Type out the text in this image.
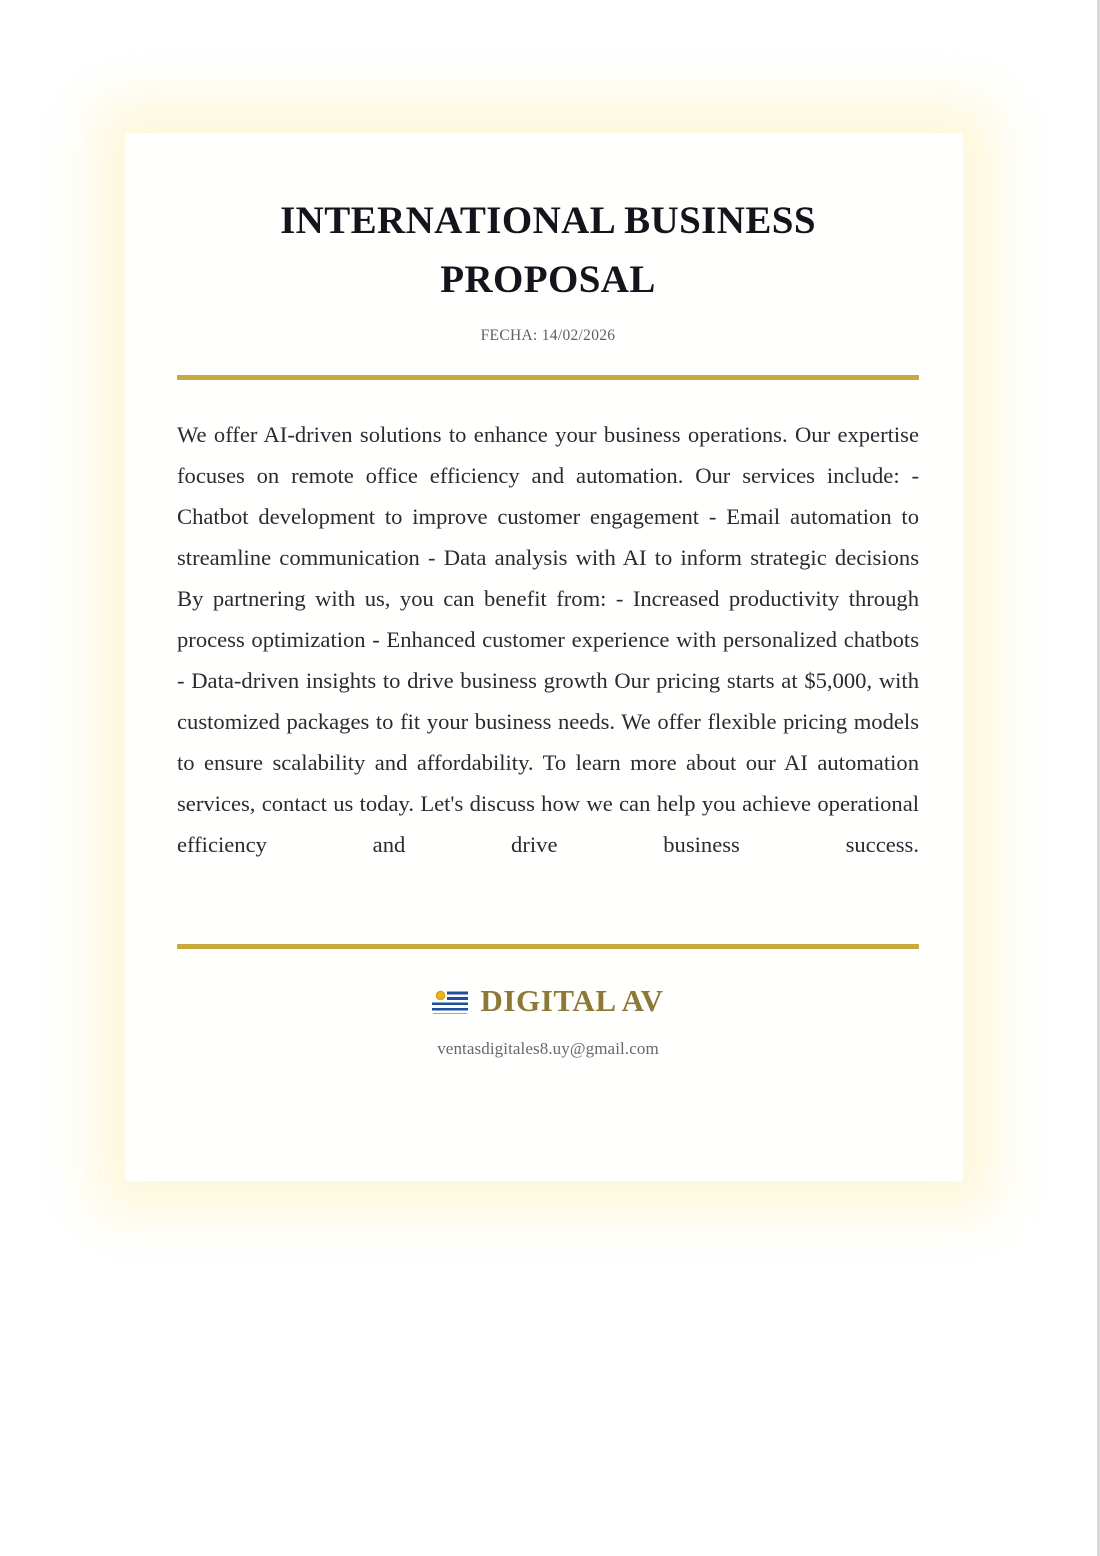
INTERNATIONAL BUSINESS PROPOSAL
FECHA: 14/02/2026

We offer AI-driven solutions to enhance your business operations. Our expertise focuses on remote office efficiency and automation. Our services include: - Chatbot development to improve customer engagement - Email automation to streamline communication - Data analysis with AI to inform strategic decisions By partnering with us, you can benefit from: - Increased productivity through process optimization - Enhanced customer experience with personalized chatbots - Data-driven insights to drive business growth Our pricing starts at $5,000, with customized packages to fit your business needs. We offer flexible pricing models to ensure scalability and affordability. To learn more about our AI automation services, contact us today. Let's discuss how we can help you achieve operational efficiency and drive business success.

DIGITAL AV
ventasdigitales8.uy@gmail.com
